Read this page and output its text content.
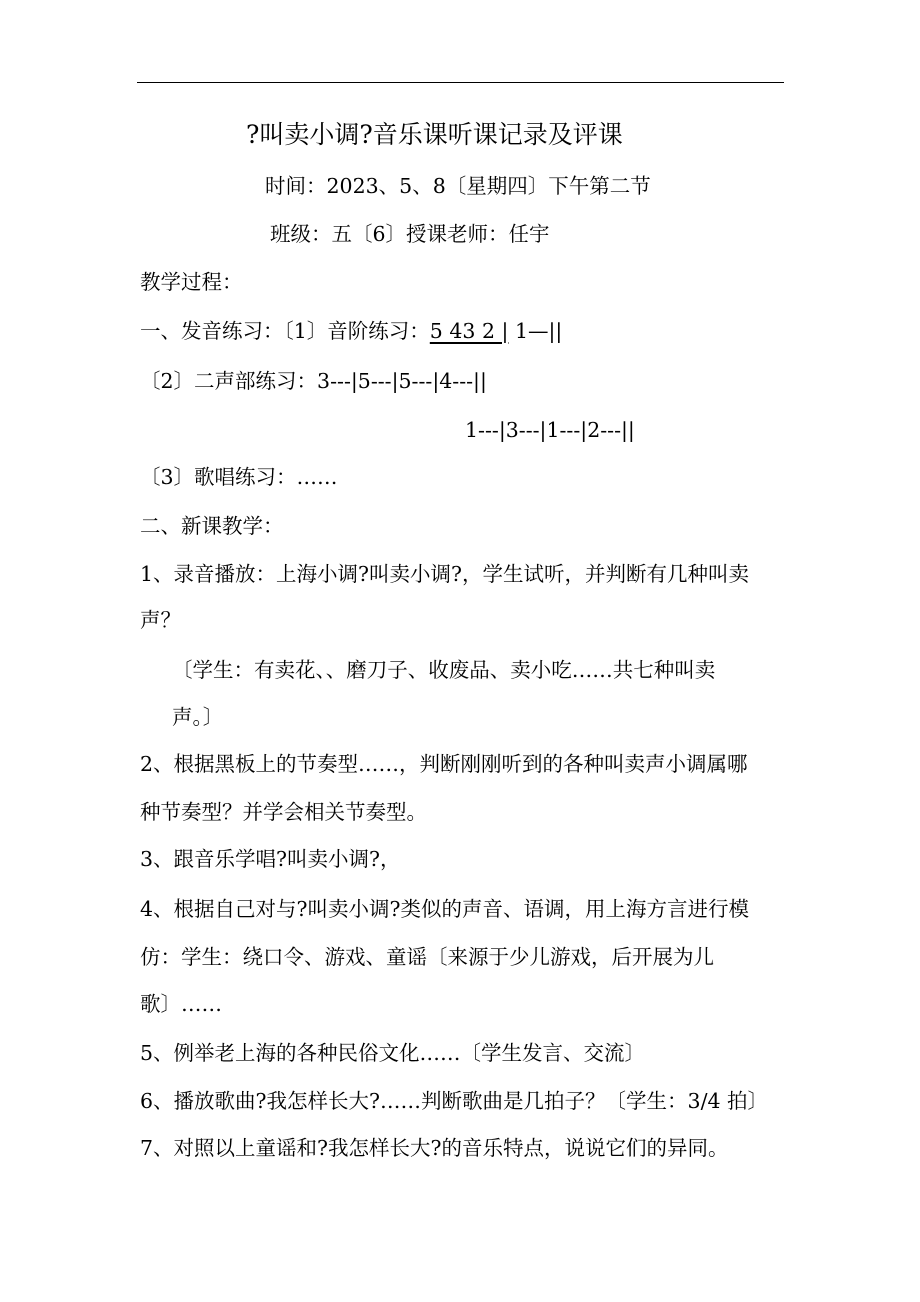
?叫卖小调?音乐课听课记录及评课
时间：2023、5、8〔星期四〕下午第二节
班级：五〔6〕授课老师：任宇
教学过程：
一、发音练习：〔1〕音阶练习：5 43 2 | 1—||
〔2〕二声部练习：3---|5---|5---|4---||
1---|3---|1---|2---||
〔3〕歌唱练习：……
二、新课教学：
1、录音播放：上海小调?叫卖小调?，学生试听，并判断有几种叫卖
声？
〔学生：有卖花、、磨刀子、收废品、卖小吃……共七种叫卖
声。〕
2、根据黑板上的节奏型……，判断刚刚听到的各种叫卖声小调属哪
种节奏型？并学会相关节奏型。
3、跟音乐学唱?叫卖小调?，
4、根据自己对与?叫卖小调?类似的声音、语调，用上海方言进行模
仿：学生：绕口令、游戏、童谣〔来源于少儿游戏，后开展为儿
歌〕……
5、例举老上海的各种民俗文化……〔学生发言、交流〕
6、播放歌曲?我怎样长大?……判断歌曲是几拍子？〔学生：3/4 拍〕
7、对照以上童谣和?我怎样长大?的音乐特点，说说它们的异同。
